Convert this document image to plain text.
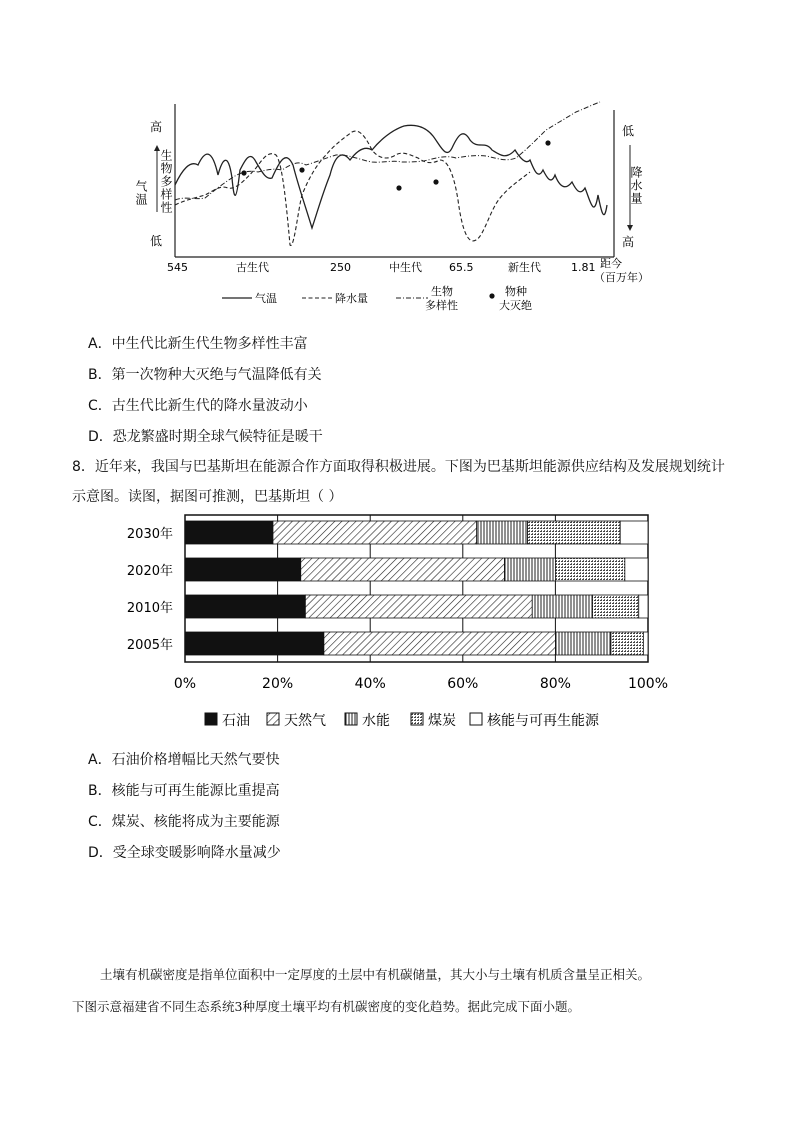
高
低
气温 生物多样性
低
高
降水量
545	古生代	250	中生代 65.5	新生代	1.81 距今
（百万年）
气温	降水量
生物
多样性
物种
大灭绝
A．中生代比新生代生物多样性丰富
B．第一次物种大灭绝与气温降低有关
C．古生代比新生代的降水量波动小
D．恐龙繁盛时期全球气候特征是暖干
8．近年来，我国与巴基斯坦在能源合作方面取得积极进展。下图为巴基斯坦能源供应结构及发展规划统计
示意图。读图，据图可推测，巴基斯坦（ ）
2030年
2020年
2010年
2005年
0%	20%	40%	60%	80%	100%
石油 天然气	水能	煤炭 核能与可再生能源
A．石油价格增幅比天然气要快
B．核能与可再生能源比重提高
C．煤炭、核能将成为主要能源
D．受全球变暖影响降水量减少
土壤有机碳密度是指单位面积中一定厚度的土层中有机碳储量，其大小与土壤有机质含量呈正相关。
下图示意福建省不同生态系统3种厚度土壤平均有机碳密度的变化趋势。据此完成下面小题。
